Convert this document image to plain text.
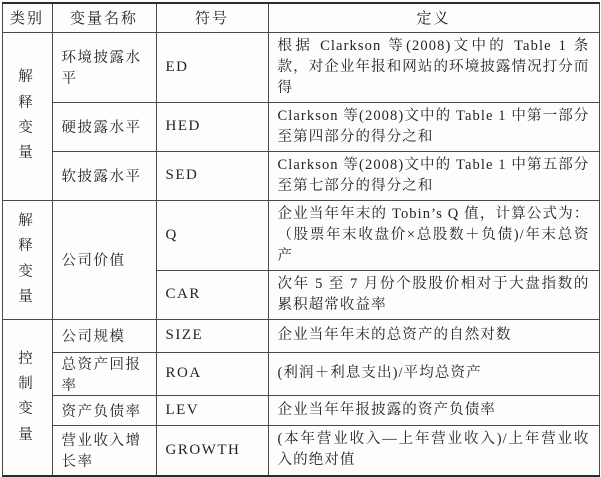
类别	变量名称	符号	定义
解释变量	环境披露水平	ED	根据 Clarkson 等(2008)文中的 Table 1 条款，对企业年报和网站的环境披露情况打分而得
	硬披露水平	HED	Clarkson 等(2008)文中的 Table 1 中第一部分至第四部分的得分之和
	软披露水平	SED	Clarkson 等(2008)文中的 Table 1 中第五部分至第七部分的得分之和
解释变量	公司价值	Q	企业当年年末的 Tobin’s Q 值，计算公式为：（股票年末收盘价×总股数＋负债)/年末总资产
		CAR	次年 5 至 7 月份个股股价相对于大盘指数的累积超常收益率
控制变量	公司规模	SIZE	企业当年年末的总资产的自然对数
	总资产回报率	ROA	(利润＋利息支出)/平均总资产
	资产负债率	LEV	企业当年年报披露的资产负债率
	营业收入增长率	GROWTH	(本年营业收入—上年营业收入)/上年营业收入的绝对值
